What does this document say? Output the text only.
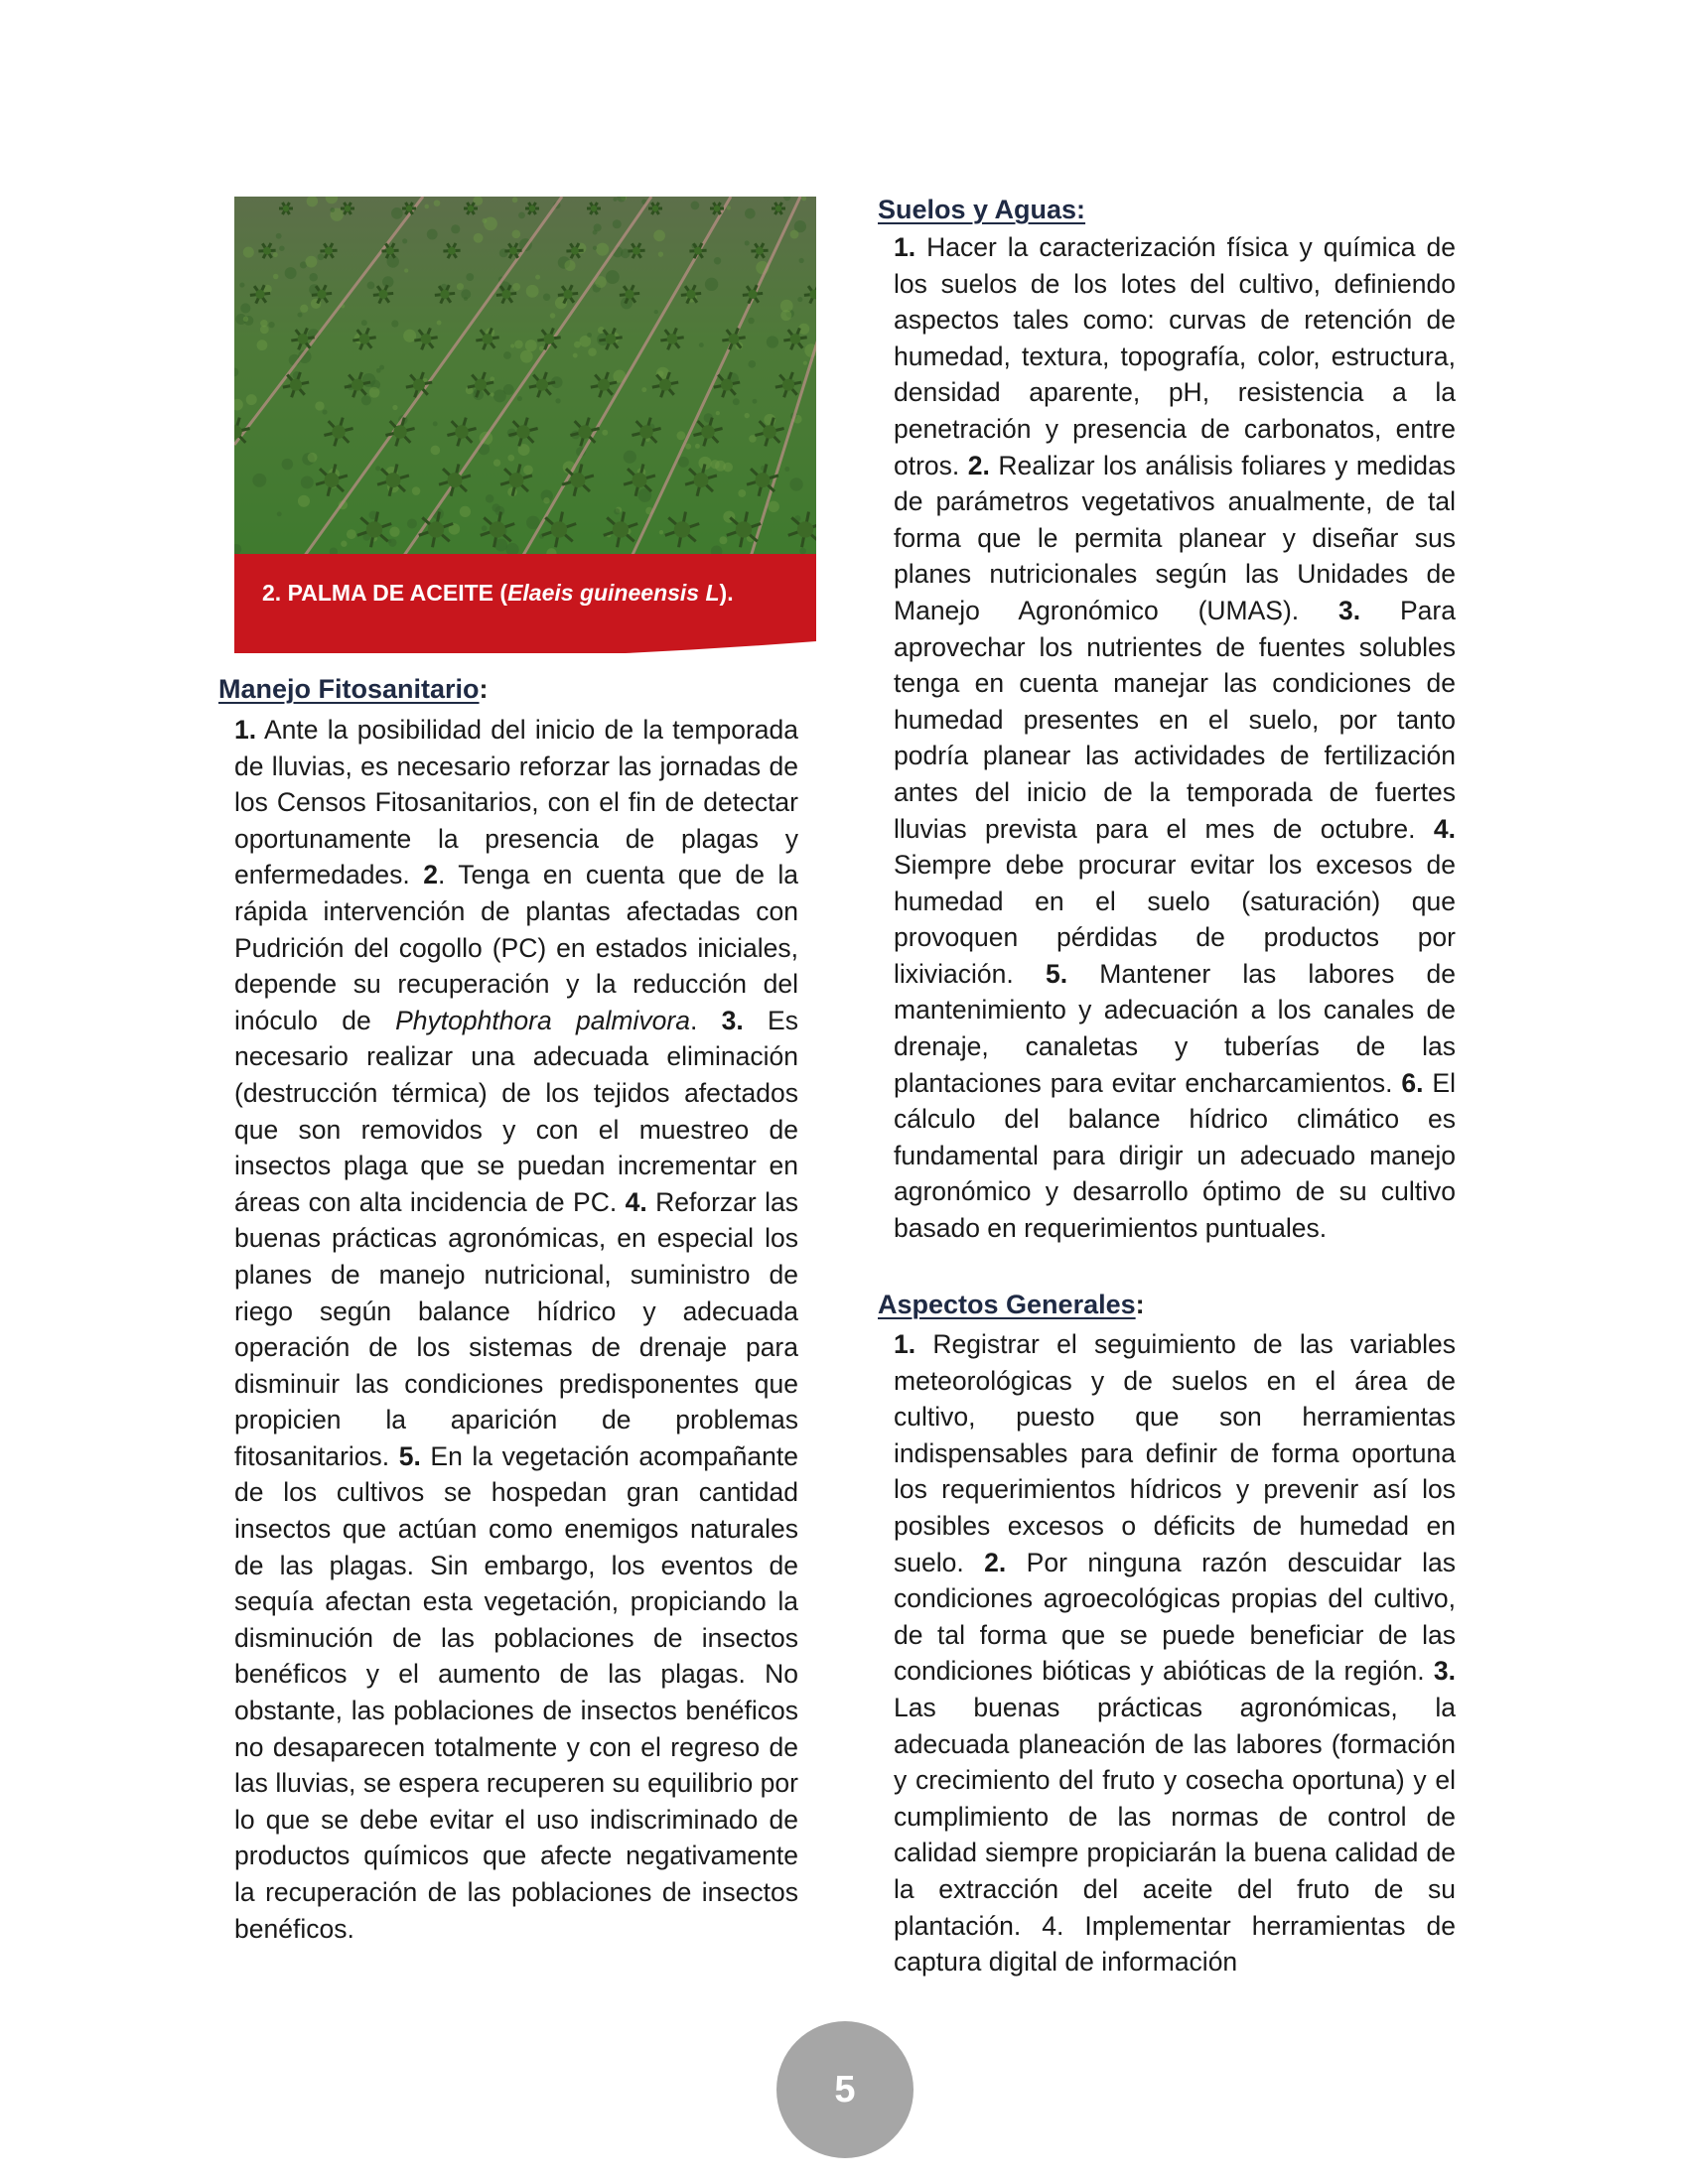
2. PALMA DE ACEITE (Elaeis guineensis L).
Manejo Fitosanitario:

1. Ante la posibilidad del inicio de la temporada de lluvias, es necesario reforzar las jornadas de los Censos Fitosanitarios, con el fin de detectar oportunamente la presencia de plagas y enfermedades. 2. Tenga en cuenta que de la rápida intervención de plantas afectadas con Pudrición del cogollo (PC) en estados iniciales, depende su recuperación y la reducción del inóculo de Phytophthora palmivora. 3. Es necesario realizar una adecuada eliminación (destrucción térmica) de los tejidos afectados que son removidos y con el muestreo de insectos plaga que se puedan incrementar en áreas con alta incidencia de PC. 4. Reforzar las buenas prácticas agronómicas, en especial los planes de manejo nutricional, suministro de riego según balance hídrico y adecuada operación de los sistemas de drenaje para disminuir las condiciones predisponentes que propicien la aparición de problemas fitosanitarios. 5. En la vegetación acompañante de los cultivos se hospedan gran cantidad insectos que actúan como enemigos naturales de las plagas. Sin embargo, los eventos de sequía afectan esta vegetación, propiciando la disminución de las poblaciones de insectos benéficos y el aumento de las plagas. No obstante, las poblaciones de insectos benéficos no desaparecen totalmente y con el regreso de las lluvias, se espera recuperen su equilibrio por lo que se debe evitar el uso indiscriminado de productos químicos que afecte negativamente la recuperación de las poblaciones de insectos benéficos.

Suelos y Aguas:

1. Hacer la caracterización física y química de los suelos de los lotes del cultivo, definiendo aspectos tales como: curvas de retención de humedad, textura, topografía, color, estructura, densidad aparente, pH, resistencia a la penetración y presencia de carbonatos, entre otros. 2. Realizar los análisis foliares y medidas de parámetros vegetativos anualmente, de tal forma que le permita planear y diseñar sus planes nutricionales según las Unidades de Manejo Agronómico (UMAS). 3. Para aprovechar los nutrientes de fuentes solubles tenga en cuenta manejar las condiciones de humedad presentes en el suelo, por tanto podría planear las actividades de fertilización antes del inicio de la temporada de fuertes lluvias prevista para el mes de octubre. 4. Siempre debe procurar evitar los excesos de humedad en el suelo (saturación) que provoquen pérdidas de productos por lixiviación. 5. Mantener las labores de mantenimiento y adecuación a los canales de drenaje, canaletas y tuberías de las plantaciones para evitar encharcamientos. 6. El cálculo del balance hídrico climático es fundamental para dirigir un adecuado manejo agronómico y desarrollo óptimo de su cultivo basado en requerimientos puntuales.

Aspectos Generales:

1. Registrar el seguimiento de las variables meteorológicas y de suelos en el área de cultivo, puesto que son herramientas indispensables para definir de forma oportuna los requerimientos hídricos y prevenir así los posibles excesos o déficits de humedad en suelo. 2. Por ninguna razón descuidar las condiciones agroecológicas propias del cultivo, de tal forma que se puede beneficiar de las condiciones bióticas y abióticas de la región. 3. Las buenas prácticas agronómicas, la adecuada planeación de las labores (formación y crecimiento del fruto y cosecha oportuna) y el cumplimiento de las normas de control de calidad siempre propiciarán la buena calidad de la extracción del aceite del fruto de su plantación. 4. Implementar herramientas de captura digital de información

5
